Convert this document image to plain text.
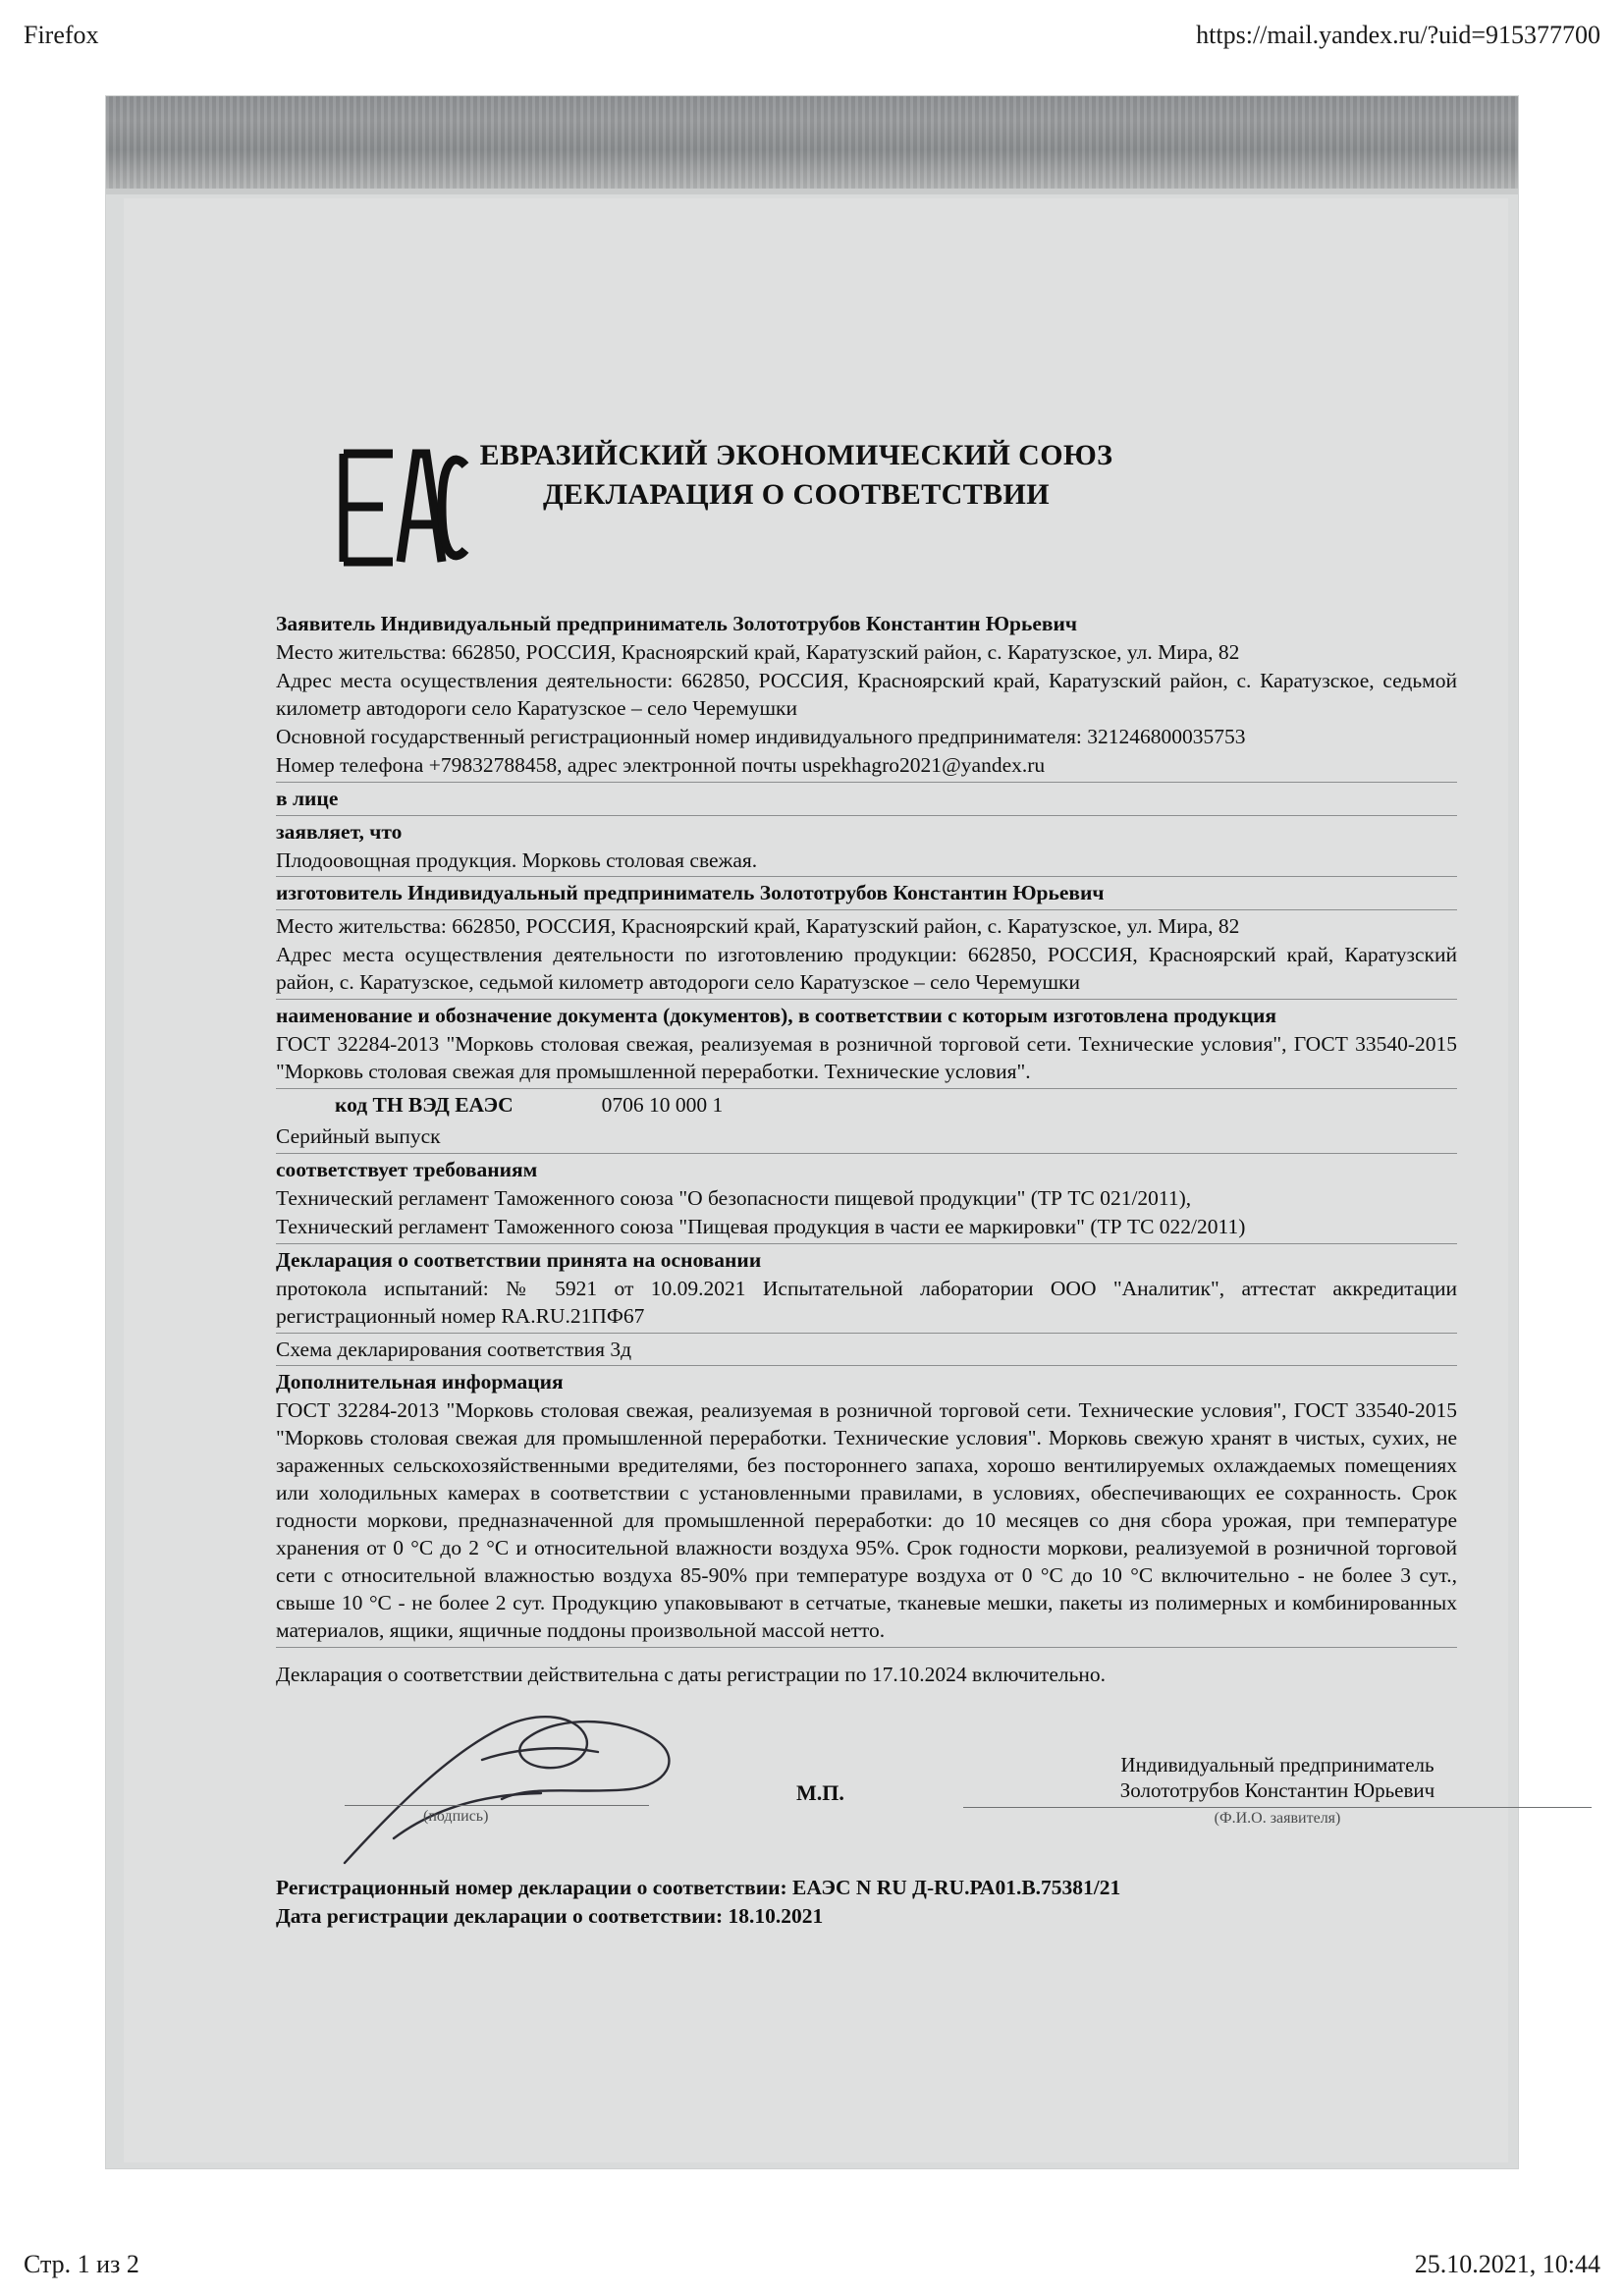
Firefox	https://mail.yandex.ru/?uid=915377700
ЕВРАЗИЙСКИЙ ЭКОНОМИЧЕСКИЙ СОЮЗ
ДЕКЛАРАЦИЯ О СООТВЕТСТВИИ
Заявитель Индивидуальный предприниматель Золототрубов Константин Юрьевич
Место жительства: 662850, РОССИЯ, Красноярский край, Каратузский район, с. Каратузское, ул. Мира, 82
Адрес места осуществления деятельности: 662850, РОССИЯ, Красноярский край, Каратузский район, с. Каратузское, седьмой километр автодороги село Каратузское – село Черемушки
Основной государственный регистрационный номер индивидуального предпринимателя: 321246800035753
Номер телефона +79832788458, адрес электронной почты uspekhagro2021@yandex.ru
в лице
заявляет, что
Плодоовощная продукция. Морковь столовая свежая.
изготовитель Индивидуальный предприниматель Золототрубов Константин Юрьевич
Место жительства: 662850, РОССИЯ, Красноярский край, Каратузский район, с. Каратузское, ул. Мира, 82
Адрес места осуществления деятельности по изготовлению продукции: 662850, РОССИЯ, Красноярский край, Каратузский район, с. Каратузское, седьмой километр автодороги село Каратузское – село Черемушки
наименование и обозначение документа (документов), в соответствии с которым изготовлена продукция
ГОСТ 32284-2013 "Морковь столовая свежая, реализуемая в розничной торговой сети. Технические условия", ГОСТ 33540-2015 "Морковь столовая свежая для промышленной переработки. Технические условия".
код ТН ВЭД ЕАЭС	0706 10 000 1
Серийный выпуск
соответствует требованиям
Технический регламент Таможенного союза "О безопасности пищевой продукции" (ТР ТС 021/2011),
Технический регламент Таможенного союза "Пищевая продукция в части ее маркировки" (ТР ТС 022/2011)
Декларация о соответствии принята на основании
протокола испытаний: № 5921 от 10.09.2021 Испытательной лаборатории ООО "Аналитик", аттестат аккредитации регистрационный номер RA.RU.21ПФ67
Схема декларирования соответствия 3д
Дополнительная информация
ГОСТ 32284-2013 "Морковь столовая свежая, реализуемая в розничной торговой сети. Технические условия", ГОСТ 33540-2015 "Морковь столовая свежая для промышленной переработки. Технические условия". Морковь свежую хранят в чистых, сухих, не зараженных сельскохозяйственными вредителями, без постороннего запаха, хорошо вентилируемых охлаждаемых помещениях или холодильных камерах в соответствии с установленными правилами, в условиях, обеспечивающих ее сохранность. Срок годности моркови, предназначенной для промышленной переработки: до 10 месяцев со дня сбора урожая, при температуре хранения от 0 °С до 2 °С и относительной влажности воздуха 95%. Срок годности моркови, реализуемой в розничной торговой сети с относительной влажностью воздуха 85-90% при температуре воздуха от 0 °С до 10 °С включительно - не более 3 сут., свыше 10 °С - не более 2 сут. Продукцию упаковывают в сетчатые, тканевые мешки, пакеты из полимерных и комбинированных материалов, ящики, ящичные поддоны произвольной массой нетто.
Декларация о соответствии действительна с даты регистрации по 17.10.2024 включительно.
(подпись)
М.П.
Индивидуальный предприниматель
Золототрубов Константин Юрьевич
(Ф.И.О. заявителя)
Регистрационный номер декларации о соответствии: ЕАЭС N RU Д-RU.РА01.В.75381/21
Дата регистрации декларации о соответствии: 18.10.2021
Стр. 1 из 2	25.10.2021, 10:44
